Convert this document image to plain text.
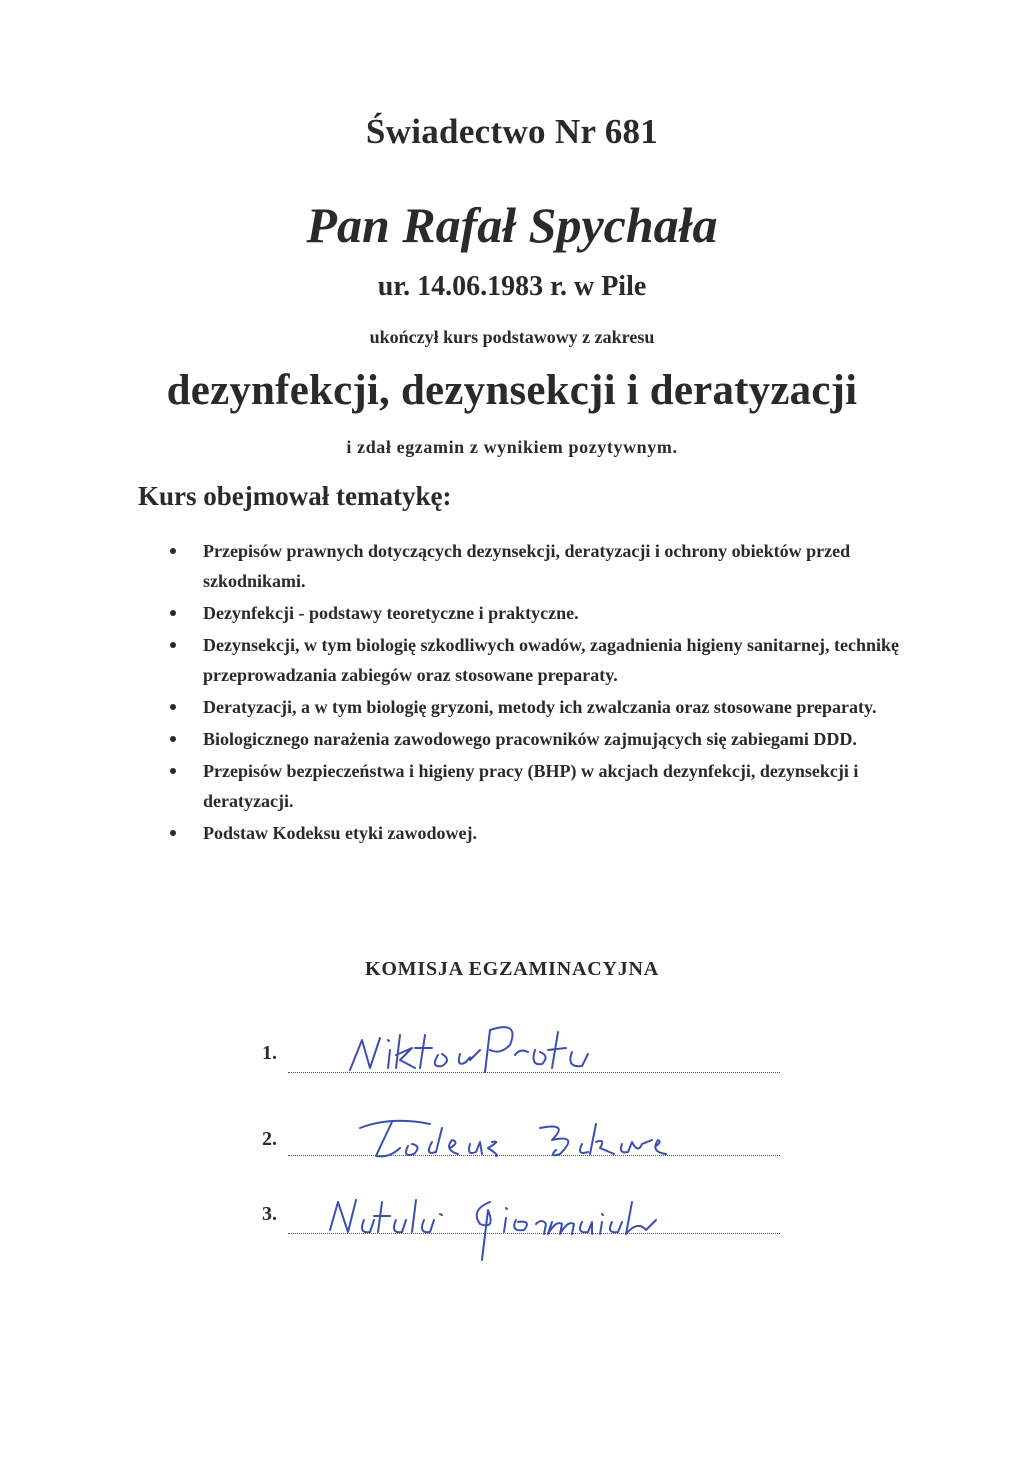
Świadectwo Nr 681
Pan Rafał Spychała
ur. 14.06.1983 r. w Pile
ukończył kurs podstawowy z zakresu
dezynfekcji, dezynsekcji i deratyzacji
i zdał egzamin z wynikiem pozytywnym.
Kurs obejmował tematykę:
Przepisów prawnych dotyczących dezynsekcji, deratyzacji i ochrony obiektów przed szkodnikami.
Dezynfekcji - podstawy teoretyczne i praktyczne.
Dezynsekcji, w tym biologię szkodliwych owadów, zagadnienia higieny sanitarnej, technikę przeprowadzania zabiegów oraz stosowane preparaty.
Deratyzacji, a w tym biologię gryzoni, metody ich zwalczania oraz stosowane preparaty.
Biologicznego narażenia zawodowego pracowników zajmujących się zabiegami DDD.
Przepisów bezpieczeństwa i higieny pracy (BHP) w akcjach dezynfekcji, dezynsekcji i deratyzacji.
Podstaw Kodeksu etyki zawodowej.
KOMISJA EGZAMINACYJNA
1.
2.
3.
